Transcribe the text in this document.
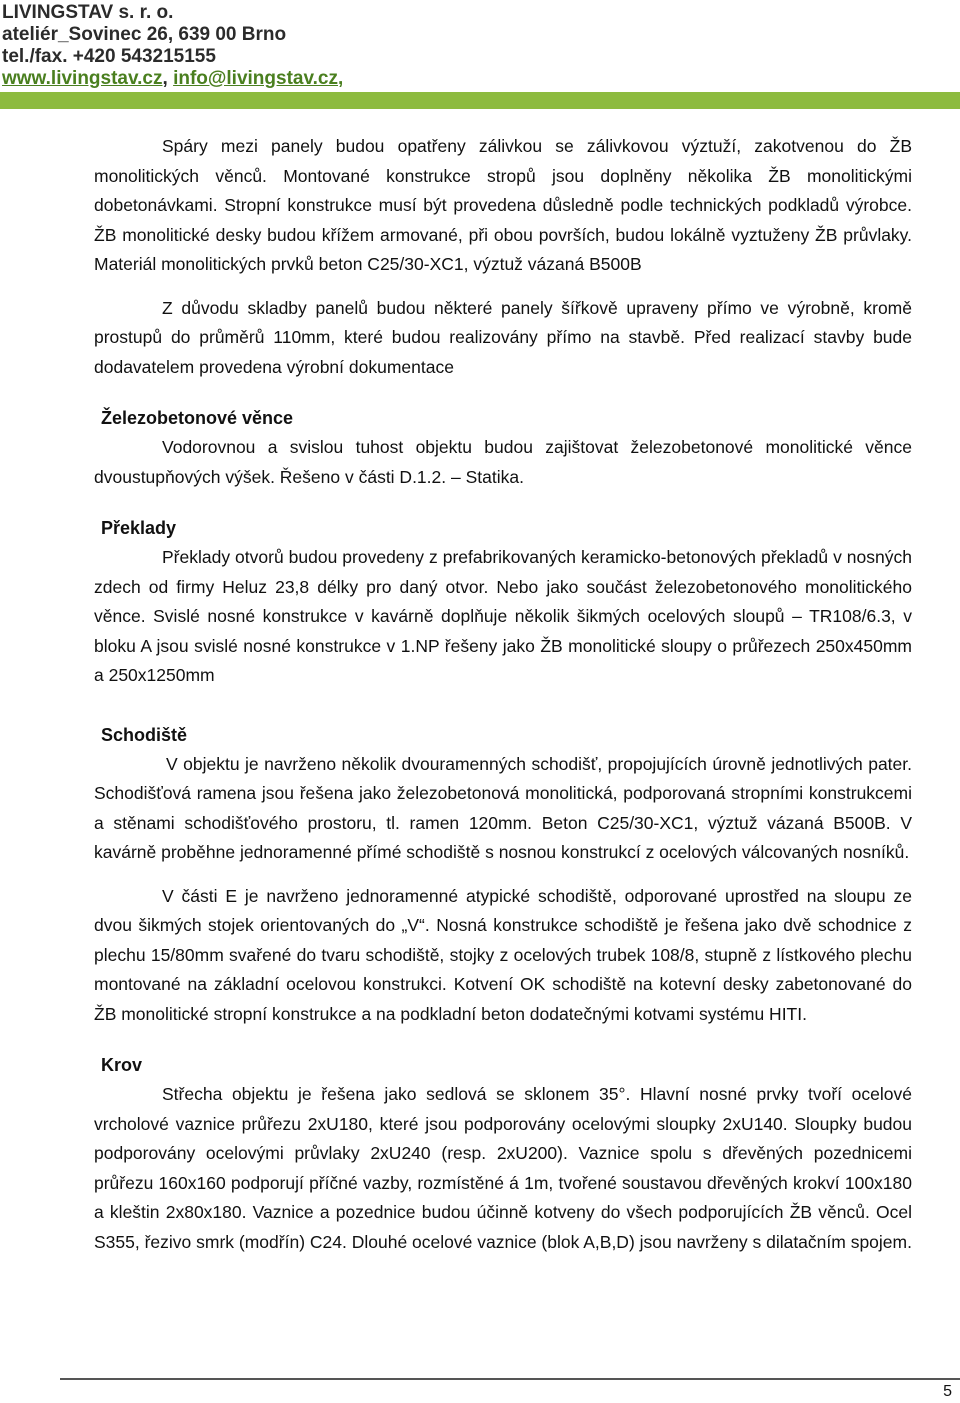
LIVINGSTAV s. r. o.
ateliér_Sovinec 26, 639 00 Brno
tel./fax. +420 543215155
www.livingstav.cz, info@livingstav.cz,

Spáry mezi panely budou opatřeny zálivkou se zálivkovou výztuží, zakotvenou do ŽB monolitických věnců. Montované konstrukce stropů jsou doplněny několika ŽB monolitickými dobetonávkami. Stropní konstrukce musí být provedena důsledně podle technických podkladů výrobce. ŽB monolitické desky budou křížem armované, při obou površích, budou lokálně vyztuženy ŽB průvlaky. Materiál monolitických prvků beton C25/30-XC1, výztuž vázaná B500B

Z důvodu skladby panelů budou některé panely šířkově upraveny přímo ve výrobně, kromě prostupů do průměrů 110mm, které budou realizovány přímo na stavbě. Před realizací stavby bude dodavatelem provedena výrobní dokumentace

Železobetonové věnce

Vodorovnou a svislou tuhost objektu budou zajištovat železobetonové monolitické věnce dvoustupňových výšek. Řešeno v části D.1.2. – Statika.

Překlady

Překlady otvorů budou provedeny z prefabrikovaných keramicko-betonových překladů v nosných zdech od firmy Heluz 23,8 délky pro daný otvor. Nebo jako součást železobetonového monolitického věnce. Svislé nosné konstrukce v kavárně doplňuje několik šikmých ocelových sloupů – TR108/6.3, v bloku A jsou svislé nosné konstrukce v 1.NP řešeny jako ŽB monolitické sloupy o průřezech 250x450mm a 250x1250mm

Schodiště

V objektu je navrženo několik dvouramenných schodišť, propojujících úrovně jednotlivých pater. Schodišťová ramena jsou řešena jako železobetonová monolitická, podporovaná stropními konstrukcemi a stěnami schodišťového prostoru, tl. ramen 120mm. Beton C25/30-XC1, výztuž vázaná B500B. V kavárně proběhne jednoramenné přímé schodiště s nosnou konstrukcí z ocelových válcovaných nosníků.

V části E je navrženo jednoramenné atypické schodiště, odporované uprostřed na sloupu ze dvou šikmých stojek orientovaných do „V“. Nosná konstrukce schodiště je řešena jako dvě schodnice z plechu 15/80mm svařené do tvaru schodiště, stojky z ocelových trubek 108/8, stupně z lístkového plechu montované na základní ocelovou konstrukci. Kotvení OK schodiště na kotevní desky zabetonované do ŽB monolitické stropní konstrukce a na podkladní beton dodatečnými kotvami systému HITI.

Krov

Střecha objektu je řešena jako sedlová se sklonem 35°. Hlavní nosné prvky tvoří ocelové vrcholové vaznice průřezu 2xU180, které jsou podporovány ocelovými sloupky 2xU140. Sloupky budou podporovány ocelovými průvlaky 2xU240 (resp. 2xU200). Vaznice spolu s dřevěných pozednicemi průřezu 160x160 podporují příčné vazby, rozmístěné á 1m, tvořené soustavou dřevěných krokví 100x180 a kleštin 2x80x180. Vaznice a pozednice budou účinně kotveny do všech podporujících ŽB věnců. Ocel S355, řezivo smrk (modřín) C24. Dlouhé ocelové vaznice (blok A,B,D) jsou navrženy s dilatačním spojem.

5
